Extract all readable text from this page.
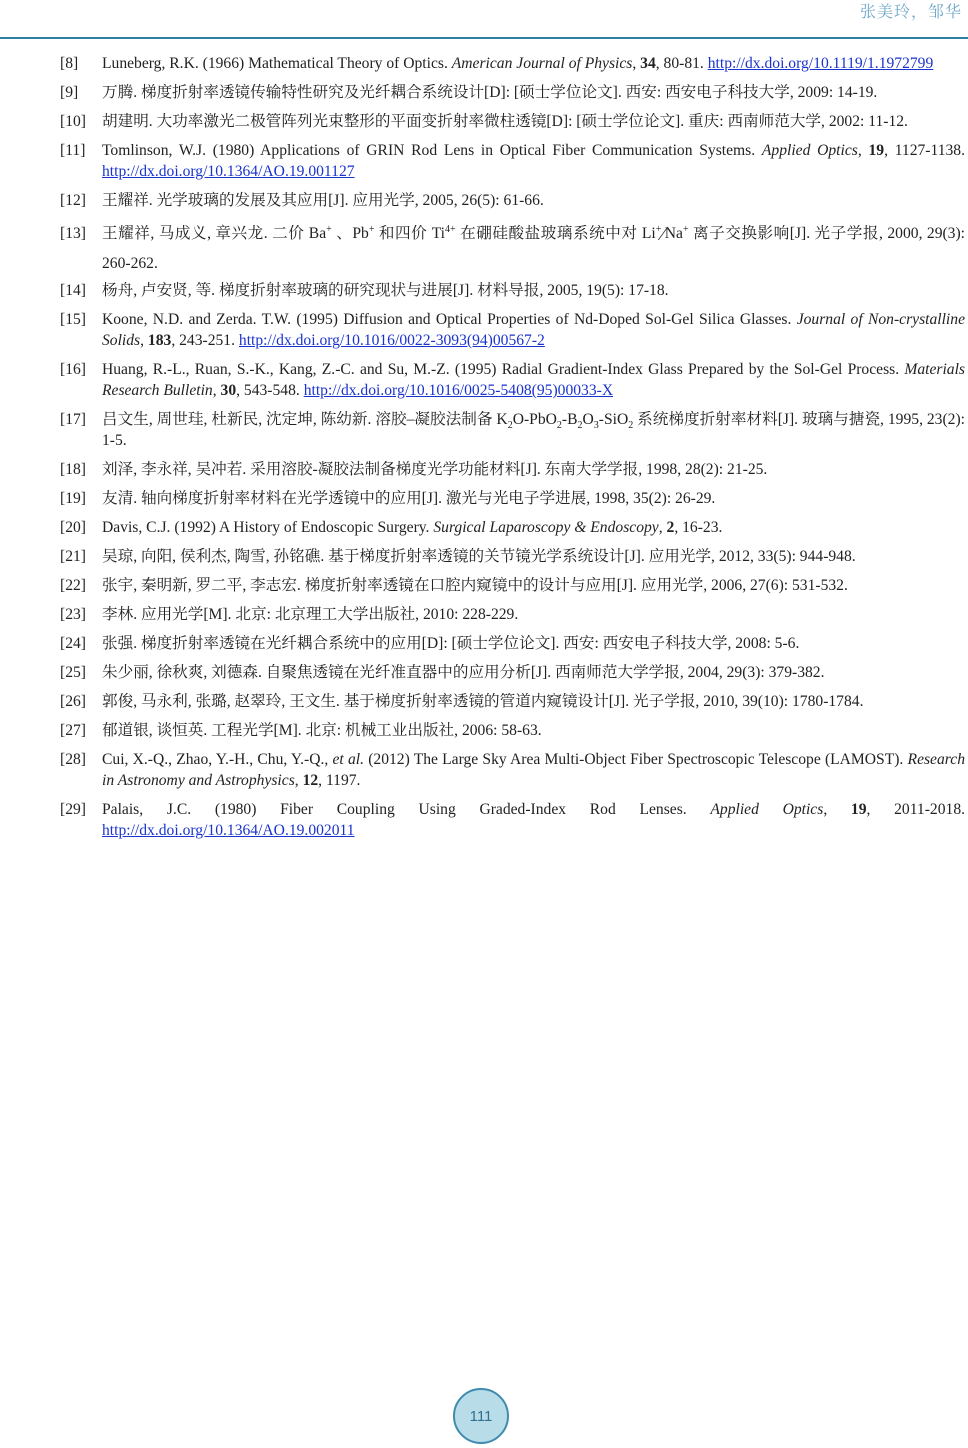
张美玲，邹华
[8]	Luneberg, R.K. (1966) Mathematical Theory of Optics. American Journal of Physics, 34, 80-81. http://dx.doi.org/10.1119/1.1972799
[9]	万腾. 梯度折射率透镜传输特性研究及光纤耦合系统设计[D]: [硕士学位论文]. 西安: 西安电子科技大学, 2009: 14-19.
[10]	胡建明. 大功率激光二极管阵列光束整形的平面变折射率微柱透镜[D]: [硕士学位论文]. 重庆: 西南师范大学, 2002: 11-12.
[11]	Tomlinson, W.J. (1980) Applications of GRIN Rod Lens in Optical Fiber Communication Systems. Applied Optics, 19, 1127-1138. http://dx.doi.org/10.1364/AO.19.001127
[12]	王耀祥. 光学玻璃的发展及其应用[J]. 应用光学, 2005, 26(5): 61-66.
[13]	王耀祥, 马成义, 章兴龙. 二价 Ba+ 、Pb+ 和四价 $Ti^{4+}$ 在硼硅酸盐玻璃系统中对 Li+∕Na+ 离子交换影响[J]. 光子学报, 2000, 29(3): 260-262.
[14]	杨舟, 卢安贤, 等. 梯度折射率玻璃的研究现状与进展[J]. 材料导报, 2005, 19(5): 17-18.
[15]	Koone, N.D. and Zerda. T.W. (1995) Diffusion and Optical Properties of Nd-Doped Sol-Gel Silica Glasses. Journal of Non-crystalline Solids, 183, 243-251. http://dx.doi.org/10.1016/0022-3093(94)00567-2
[16]	Huang, R.-L., Ruan, S.-K., Kang, Z.-C. and Su, M.-Z. (1995) Radial Gradient-Index Glass Prepared by the Sol-Gel Process. Materials Research Bulletin, 30, 543-548. http://dx.doi.org/10.1016/0025-5408(95)00033-X
[17]	吕文生, 周世珪, 杜新民, 沈定坤, 陈幼新. 溶胶–凝胶法制备 $K_2O-PbO_2-B_2O_3-SiO_2$ 系统梯度折射率材料[J]. 玻璃与搪瓷, 1995, 23(2): 1-5.
[18]	刘泽, 李永祥, 吴冲若. 采用溶胶-凝胶法制备梯度光学功能材料[J]. 东南大学学报, 1998, 28(2): 21-25.
[19]	友清. 轴向梯度折射率材料在光学透镜中的应用[J]. 激光与光电子学进展, 1998, 35(2): 26-29.
[20]	Davis, C.J. (1992) A History of Endoscopic Surgery. Surgical Laparoscopy & Endoscopy, 2, 16-23.
[21]	吴琼, 向阳, 侯利杰, 陶雪, 孙铭礁. 基于梯度折射率透镜的关节镜光学系统设计[J]. 应用光学, 2012, 33(5): 944-948.
[22]	张宇, 秦明新, 罗二平, 李志宏. 梯度折射率透镜在口腔内窥镜中的设计与应用[J]. 应用光学, 2006, 27(6): 531-532.
[23]	李林. 应用光学[M]. 北京: 北京理工大学出版社, 2010: 228-229.
[24]	张强. 梯度折射率透镜在光纤耦合系统中的应用[D]: [硕士学位论文]. 西安: 西安电子科技大学, 2008: 5-6.
[25]	朱少丽, 徐秋爽, 刘德森. 自聚焦透镜在光纤准直器中的应用分析[J]. 西南师范大学学报, 2004, 29(3): 379-382.
[26]	郭俊, 马永利, 张璐, 赵翠玲, 王文生. 基于梯度折射率透镜的管道内窥镜设计[J]. 光子学报, 2010, 39(10): 1780-1784.
[27]	郁道银, 谈恒英. 工程光学[M]. 北京: 机械工业出版社, 2006: 58-63.
[28]	Cui, X.-Q., Zhao, Y.-H., Chu, Y.-Q., et al. (2012) The Large Sky Area Multi-Object Fiber Spectroscopic Telescope (LAMOST). Research in Astronomy and Astrophysics, 12, 1197.
[29]	Palais, J.C. (1980) Fiber Coupling Using Graded-Index Rod Lenses. Applied Optics, 19, 2011-2018. http://dx.doi.org/10.1364/AO.19.002011
111
